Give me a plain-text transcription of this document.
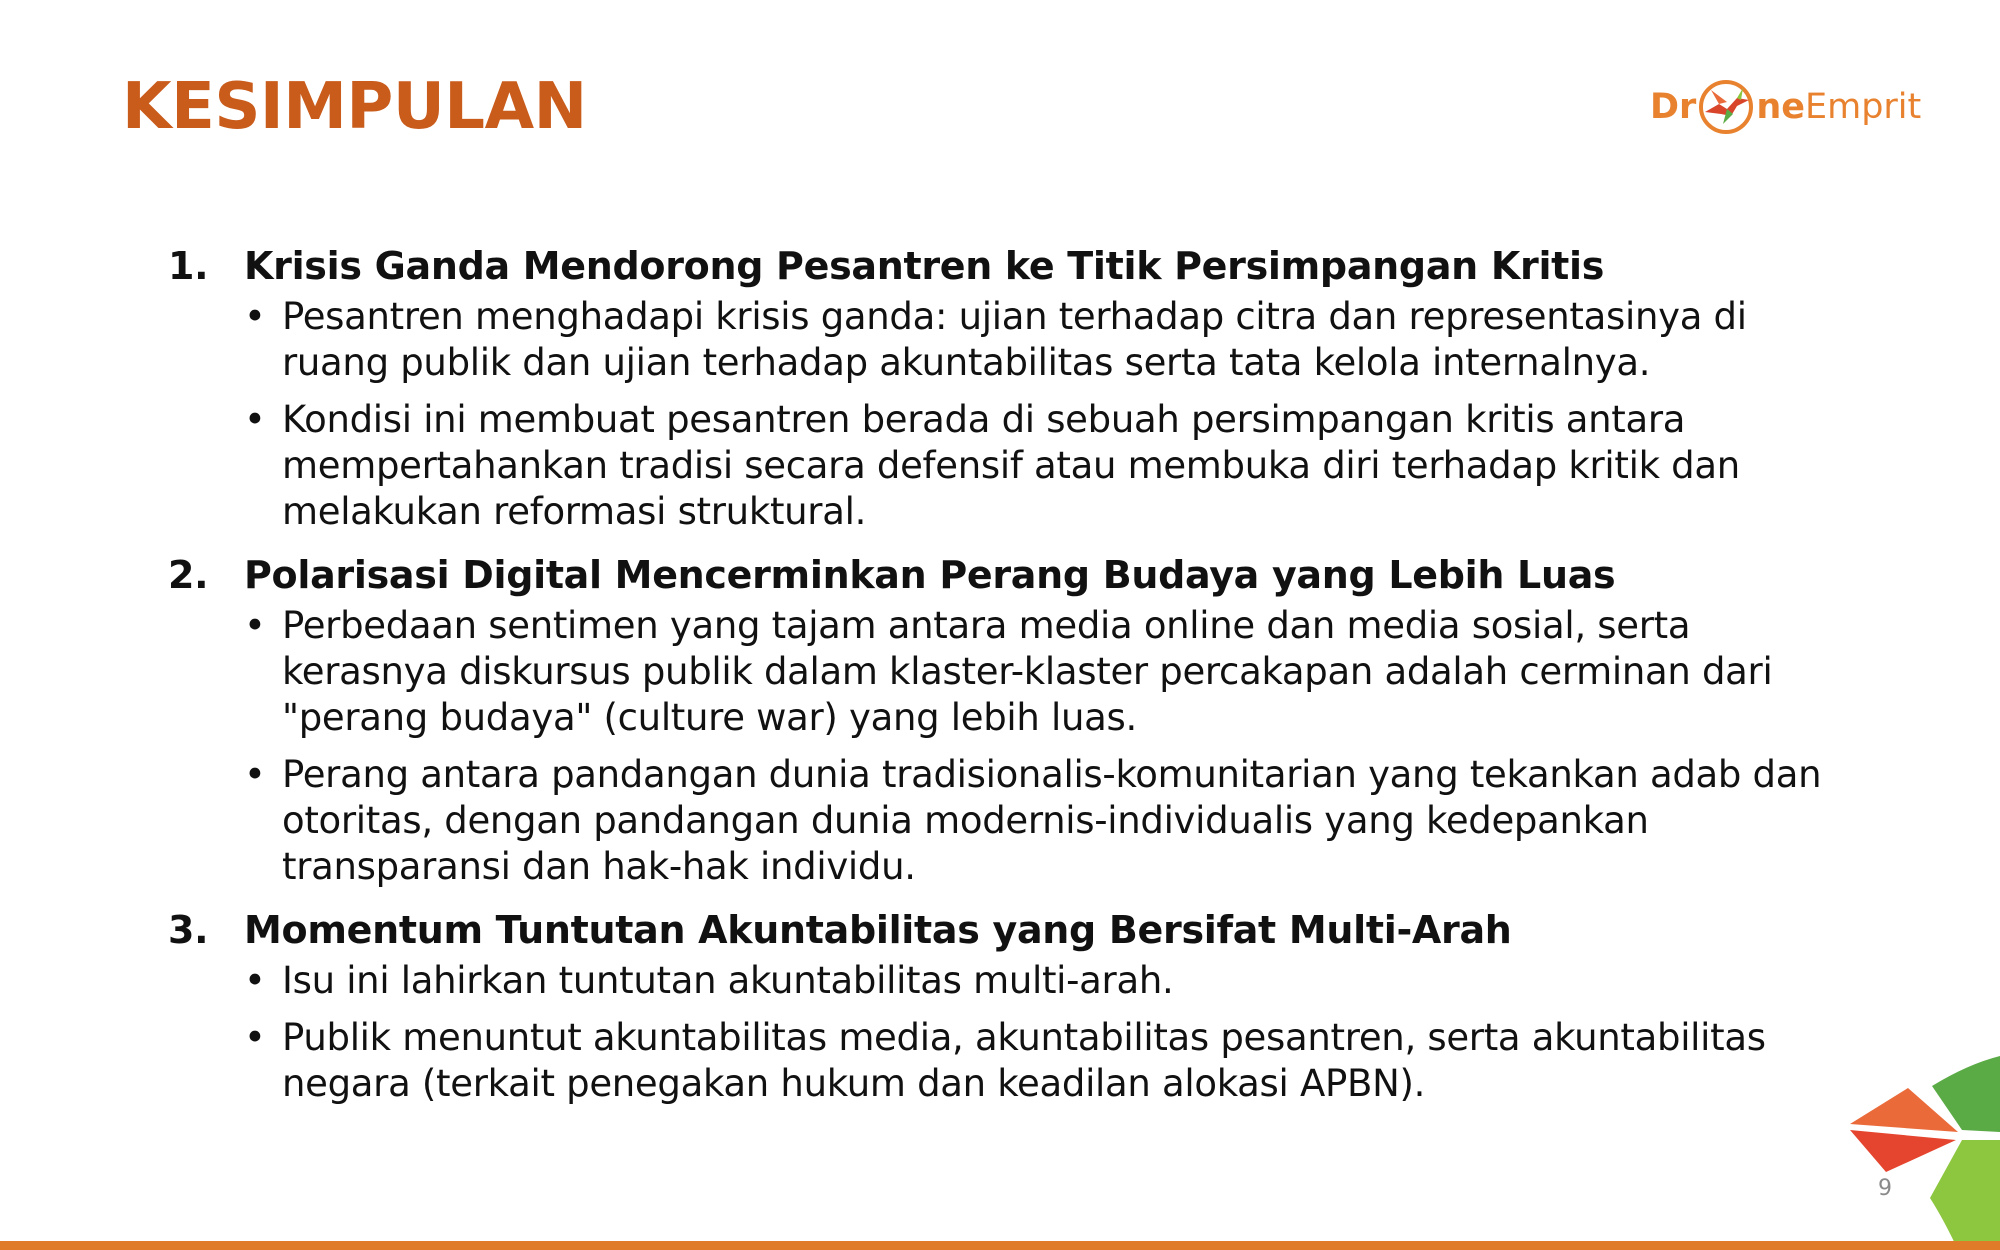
KESIMPULAN	Dr ne Emprit
1. Krisis Ganda Mendorong Pesantren ke Titik Persimpangan Kritis
• Pesantren menghadapi krisis ganda: ujian terhadap citra dan representasinya di ruang publik dan ujian terhadap akuntabilitas serta tata kelola internalnya.
• Kondisi ini membuat pesantren berada di sebuah persimpangan kritis antara mempertahankan tradisi secara defensif atau membuka diri terhadap kritik dan melakukan reformasi struktural.
2. Polarisasi Digital Mencerminkan Perang Budaya yang Lebih Luas
• Perbedaan sentimen yang tajam antara media online dan media sosial, serta kerasnya diskursus publik dalam klaster-klaster percakapan adalah cerminan dari "perang budaya" (culture war) yang lebih luas.
• Perang antara pandangan dunia tradisionalis-komunitarian yang tekankan adab dan otoritas, dengan pandangan dunia modernis-individualis yang kedepankan transparansi dan hak-hak individu.
3. Momentum Tuntutan Akuntabilitas yang Bersifat Multi-Arah
• Isu ini lahirkan tuntutan akuntabilitas multi-arah.
• Publik menuntut akuntabilitas media, akuntabilitas pesantren, serta akuntabilitas negara (terkait penegakan hukum dan keadilan alokasi APBN).
9
